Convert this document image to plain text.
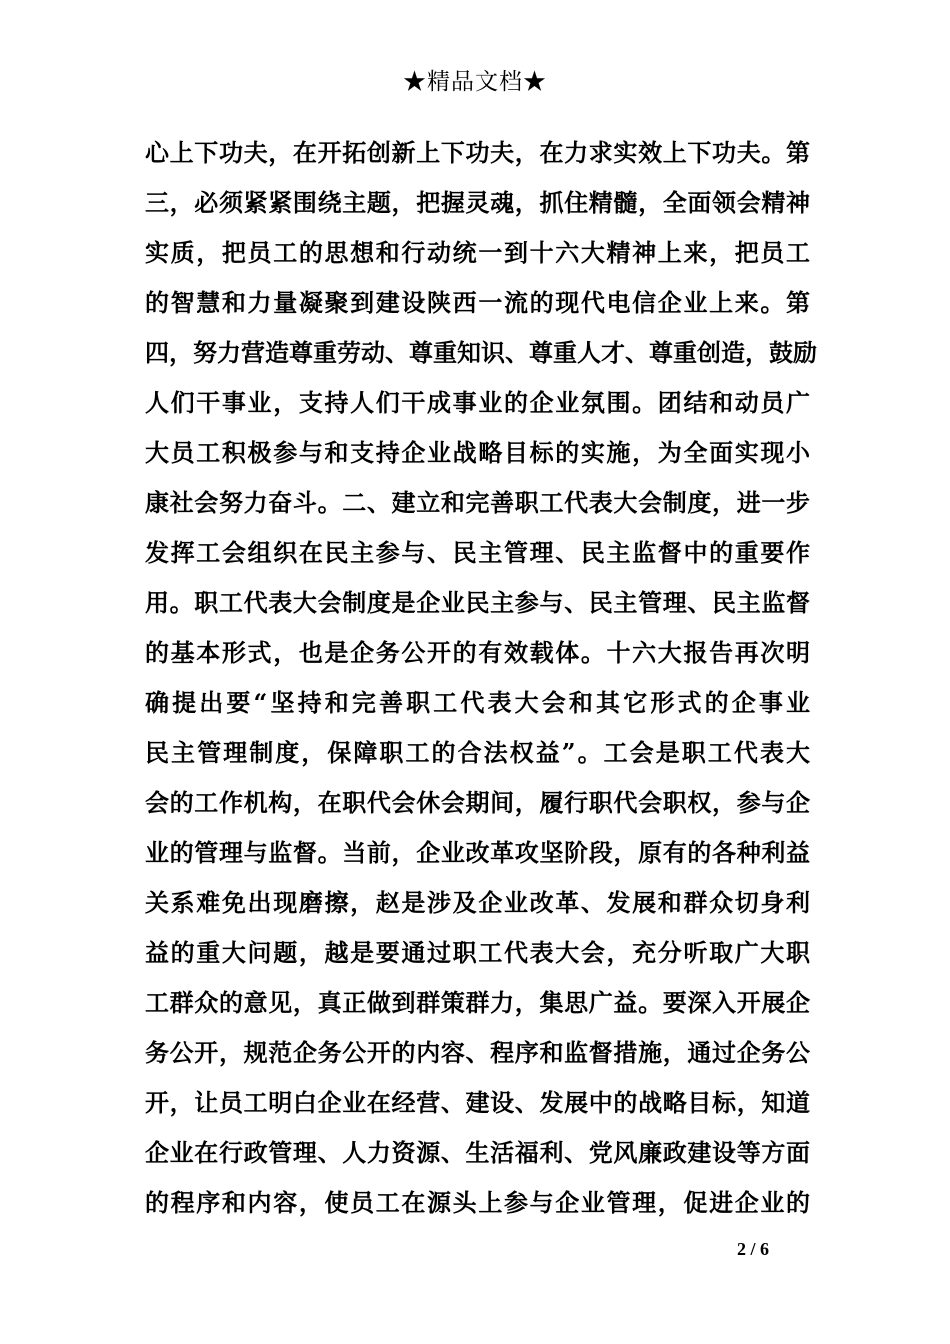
★精品文档★
心上下功夫，在开拓创新上下功夫，在力求实效上下功夫。第
三，必须紧紧围绕主题，把握灵魂，抓住精髓，全面领会精神
实质，把员工的思想和行动统一到十六大精神上来，把员工
的智慧和力量凝聚到建设陕西一流的现代电信企业上来。第
四，努力营造尊重劳动、尊重知识、尊重人才、尊重创造，鼓励
人们干事业，支持人们干成事业的企业氛围。团结和动员广
大员工积极参与和支持企业战略目标的实施，为全面实现小
康社会努力奋斗。二、建立和完善职工代表大会制度，进一步
发挥工会组织在民主参与、民主管理、民主监督中的重要作
用。职工代表大会制度是企业民主参与、民主管理、民主监督
的基本形式，也是企务公开的有效载体。十六大报告再次明
确提出要“坚持和完善职工代表大会和其它形式的企事业
民主管理制度，保障职工的合法权益”。工会是职工代表大
会的工作机构，在职代会休会期间，履行职代会职权，参与企
业的管理与监督。当前，企业改革攻坚阶段，原有的各种利益
关系难免出现磨擦，赵是涉及企业改革、发展和群众切身利
益的重大问题，越是要通过职工代表大会，充分听取广大职
工群众的意见，真正做到群策群力，集思广益。要深入开展企
务公开，规范企务公开的内容、程序和监督措施，通过企务公
开，让员工明白企业在经营、建设、发展中的战略目标，知道
企业在行政管理、人力资源、生活福利、党风廉政建设等方面
的程序和内容，使员工在源头上参与企业管理，促进企业的
2 / 6
